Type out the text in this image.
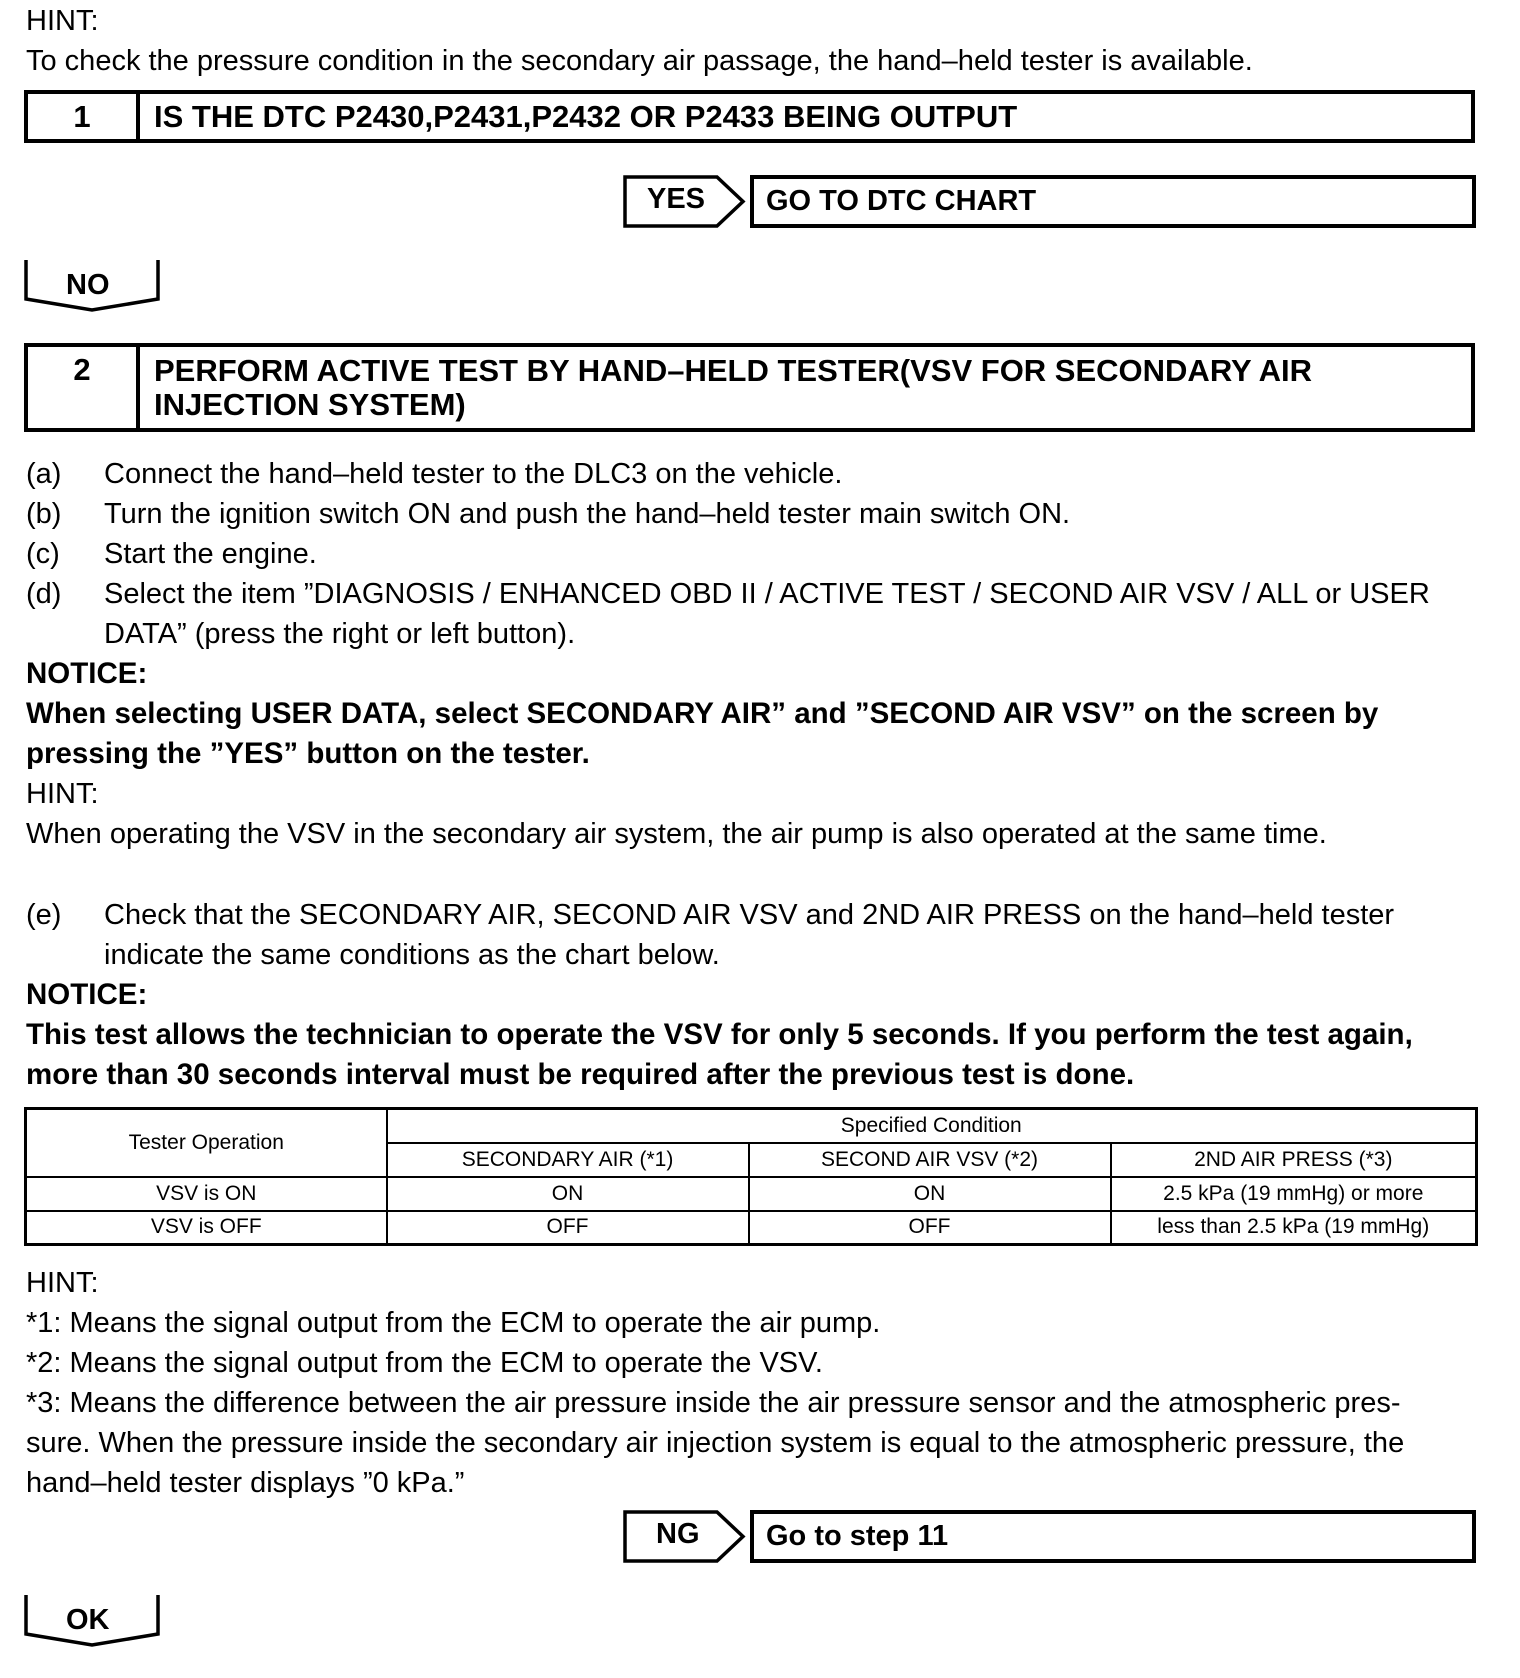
HINT:
To check the pressure condition in the secondary air passage, the hand–held tester is available.
1	IS THE DTC P2430,P2431,P2432 OR P2433 BEING OUTPUT
YES	GO TO DTC CHART
NO
2	PERFORM ACTIVE TEST BY HAND–HELD TESTER(VSV FOR SECONDARY AIR
INJECTION SYSTEM)
(a) Connect the hand–held tester to the DLC3 on the vehicle.
(b) Turn the ignition switch ON and push the hand–held tester main switch ON.
(c) Start the engine.
(d) Select the item ”DIAGNOSIS / ENHANCED OBD II / ACTIVE TEST / SECOND AIR VSV / ALL or USER
DATA” (press the right or left button).
NOTICE:
When selecting USER DATA, select SECONDARY AIR” and ”SECOND AIR VSV” on the screen by
pressing the ”YES” button on the tester.
HINT:
When operating the VSV in the secondary air system, the air pump is also operated at the same time.
(e) Check that the SECONDARY AIR, SECOND AIR VSV and 2ND AIR PRESS on the hand–held tester
indicate the same conditions as the chart below.
NOTICE:
This test allows the technician to operate the VSV for only 5 seconds. If you perform the test again,
more than 30 seconds interval must be required after the previous test is done.
Tester Operation	Specified Condition		
	SECONDARY AIR (*1)	SECOND AIR VSV (*2)	2ND AIR PRESS (*3)
VSV is ON	ON	ON	2.5 kPa (19 mmHg) or more
VSV is OFF	OFF	OFF	less than 2.5 kPa (19 mmHg)
HINT:
*1: Means the signal output from the ECM to operate the air pump.
*2: Means the signal output from the ECM to operate the VSV.
*3: Means the difference between the air pressure inside the air pressure sensor and the atmospheric pres-
sure. When the pressure inside the secondary air injection system is equal to the atmospheric pressure, the
hand–held tester displays ”0 kPa.”
NG	Go to step 11
OK
